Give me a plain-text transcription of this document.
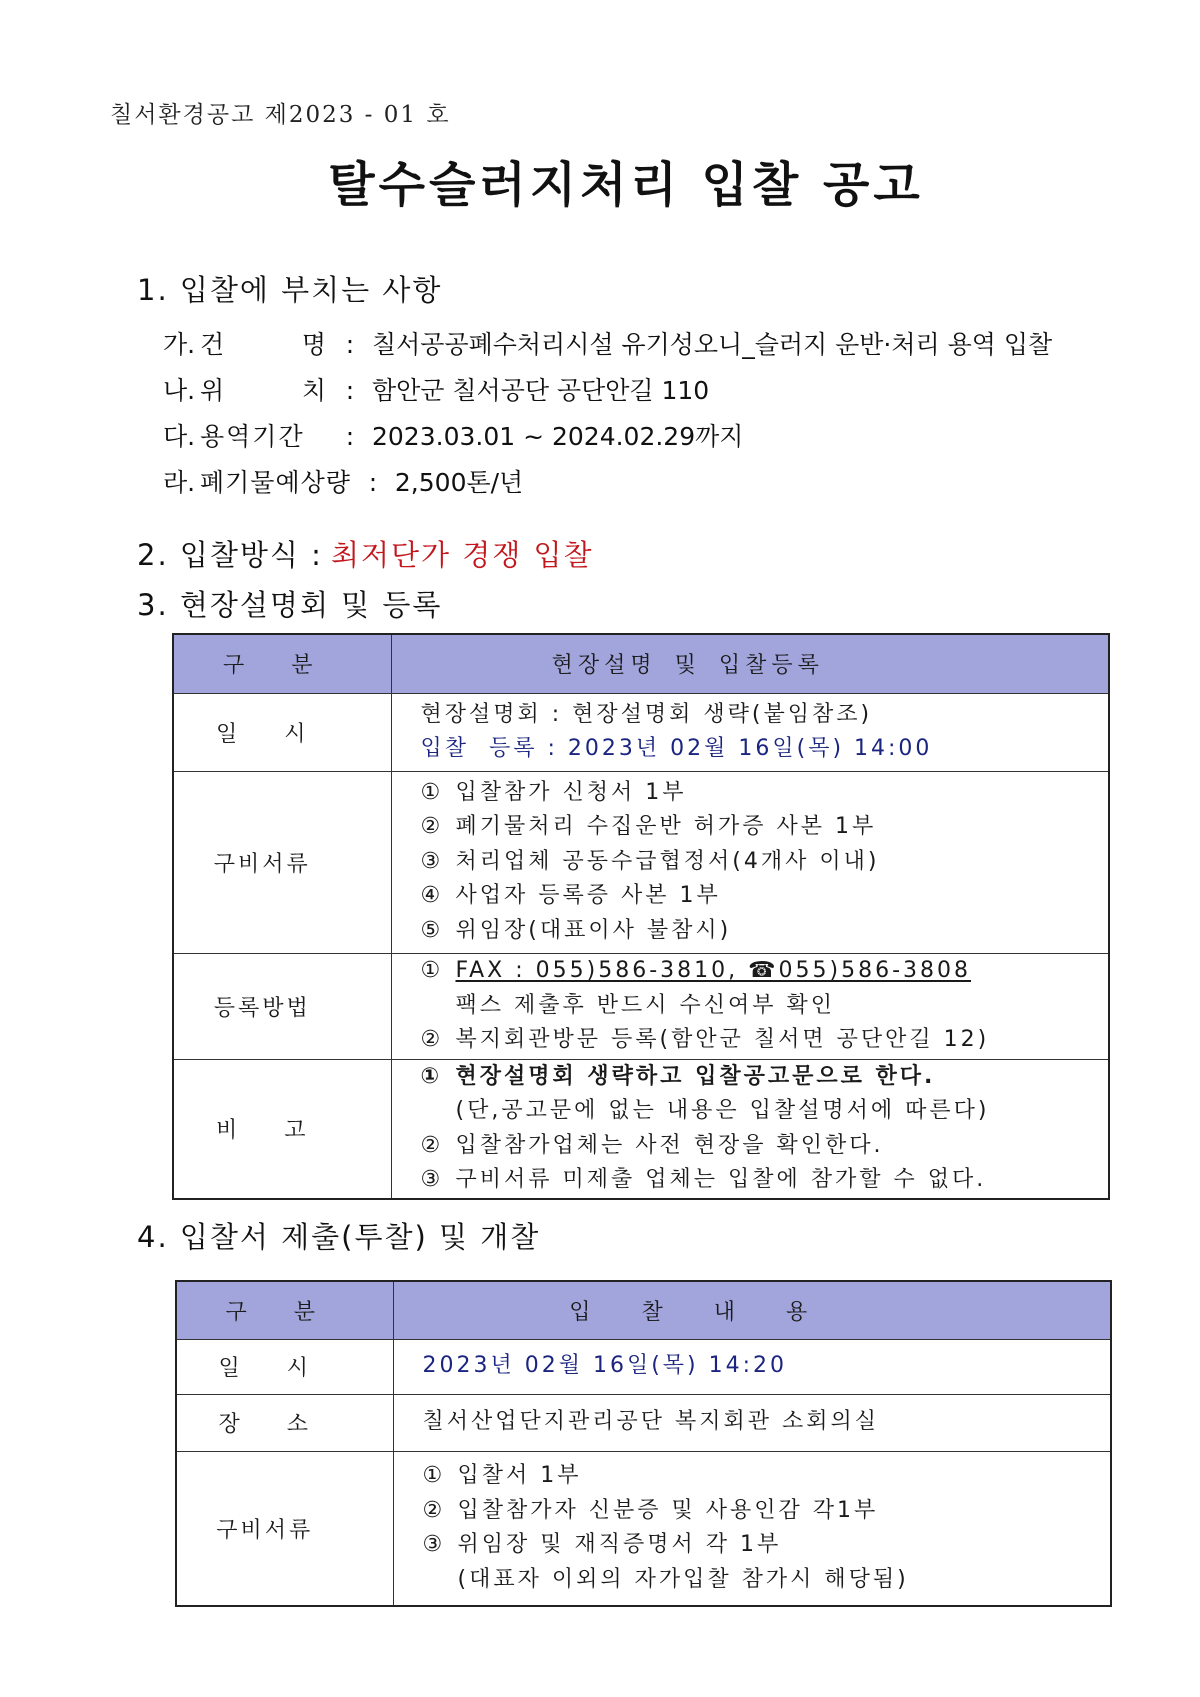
칠서환경공고 제2023 - 01 호
탈수슬러지처리 입찰 공고
1. 입찰에 부치는 사항
가. 건 명 : 칠서공공폐수처리시설 유기성오니_슬러지 운반·처리 용역 입찰
나. 위 치 : 함안군 칠서공단 공단안길 110
다. 용역기간 : 2023.03.01 ~ 2024.02.29까지
라. 폐기물예상량 : 2,500톤/년
2. 입찰방식 : 최저단가 경쟁 입찰
3. 현장설명회 및 등록
구 분	현장설명 및 입찰등록
일 시	현장설명회 : 현장설명회 생략(붙임참조)
입찰  등록 : 2023년 02월 16일(목) 14:00

구비서류	① 입찰참가 신청서 1부
② 폐기물처리 수집운반 허가증 사본 1부
③ 처리업체 공동수급협정서(4개사 이내)
④ 사업자 등록증 사본 1부
⑤ 위임장(대표이사 불참시)

등록방법	① FAX : 055)586-3810, ☎055)586-3808
팩스 제출후 반드시 수신여부 확인
② 복지회관방문 등록(함안군 칠서면 공단안길 12)

비 고	① 현장설명회 생략하고 입찰공고문으로 한다.
(단,공고문에 없는 내용은 입찰설명서에 따른다)
② 입찰참가업체는 사전 현장을 확인한다.
③ 구비서류 미제출 업체는 입찰에 참가할 수 없다.
4. 입찰서 제출(투찰) 및 개찰
구 분	입 찰 내 용
일 시	2023년 02월 16일(목) 14:20

장 소	칠서산업단지관리공단 복지회관 소회의실

구비서류	① 입찰서 1부
② 입찰참가자 신분증 및 사용인감 각1부
③ 위임장 및 재직증명서 각 1부
(대표자 이외의 자가입찰 참가시 해당됨)
